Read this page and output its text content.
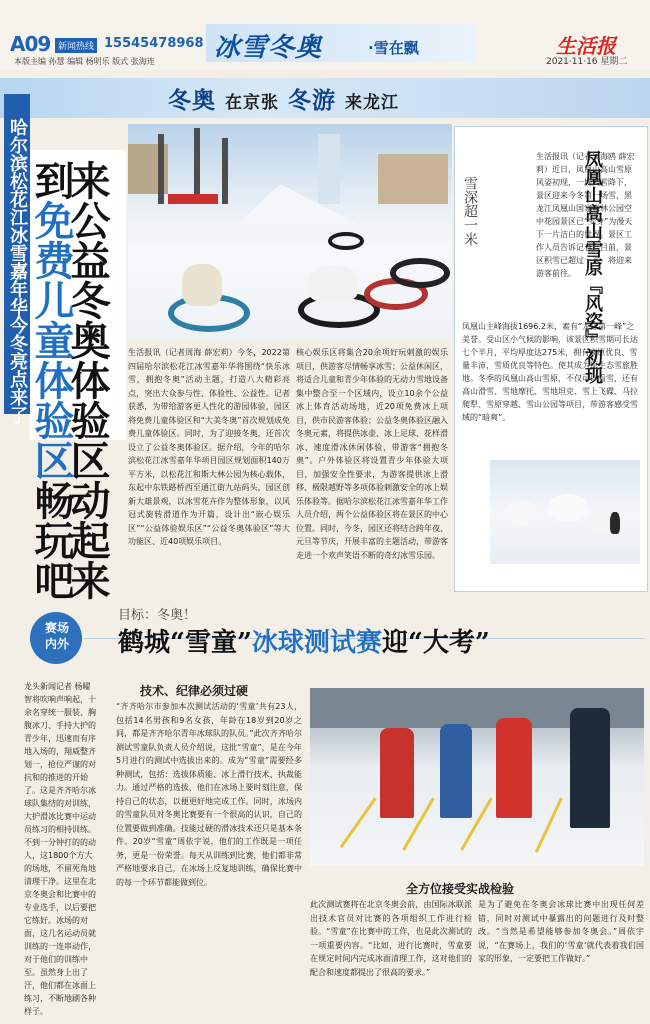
A09 新闻热线 15545478968
本版主编 孙慧 编辑 杨明乐 版式 张海连 冰雪冬奥	·雪在飘	生活报
2021·11·16 星期二
冬奥 在京张 冬游 来龙江
哈尔滨松花江冰雪嘉年华今冬亮点来了 来公益冬奥体验区动起来
到免费儿童体验区畅玩吧
凤凰山高山雪原『风姿』初现
雪深超一米
生活报讯（记者吴海鸥 薛宏莉）近日，凤凰山高山雪原风姿初现，一场大雪降下，景区迎来今冬第一场雪，黑龙江凤凰山国家森林公园空中花园景区已“变身”为漫天下一片洁白的世界。景区工作人员告诉记者，目前，景区积雪已超过一米，将迎来游客前往。
凤凰山主峰海拔1696.2米，素有“龙江第一峰”之美誉。受山区小气候的影响，该景区积雪期可长达七个半月，平均厚度达275米，拥有高原优良、雪量丰沛，雪质优良等特色。使其成为原生态雪旅胜地。冬季的凤凰山高山雪原，不仅可以看雪，还有高山滑雪、雪地摩托、雪地坦克、雪上飞碟、马拉爬犁、雪原穿越、雪山公园等项目，带游客感受雪域的“暗爽”。
生活报讯（记者周海 薛宏莉）今冬，2022第四届哈尔滨松花江冰雪嘉年华将围绕“快乐冰雪，拥抱冬奥”活动主题，打造八大精彩亮点，突出大众参与性、体验性、公益性。记者获悉，为带给游客更人性化的游园体验，园区将免费儿童体验区和“大美冬奥”首次规划成免费儿童体验区。同时，为了迎接冬奥，还首次设立了公益冬奥体验区。据介绍，今年的哈尔滨松花江冰雪嘉年华项目园区规划面积140万平方米，以松花江和斯大林公园为核心载体，东起中东铁路桥西至通江街九站码头，园区创新大雄景观，以冰雪花卉作为整体形象，以风冠式旋转滑道作为开篇，设计出“嵌心娱乐区”“公益体验娱乐区”“公益冬奥体验区”等大功能区、近40项娱乐项目。
核心娱乐区将集合20余项好玩刺激的娱乐项目，供游客尽情畅享冰雪；公益休闲区，将适合儿童和青少年体验的无动力雪地设备集中整合至一个区域内，设立10余个公益冰上体育活动场地，近20项免费冰上项目，供市民游客体验；公益冬奥体验区融入冬奥元素，将提供冰壶、冰上足球、花样滑冰、速度滑冰休闲体验，带游客“拥抱冬奥”。户外体验区将设置青少年体验大项目，加强安全性要求，为游客提供冰上滑移、极限越野等多项体验刺激安全的冰上娱乐体验等。据哈尔滨松花江冰雪嘉年华工作人员介绍，两个公益体验区将在景区的中心位置。同时，今冬，园区还将结合跨年夜、元旦等节庆，开展丰富的主题活动，带游客走进一个欢声笑语不断的奇幻冰雪乐园。
赛场内外
目标：冬奥！
鹤城“雪童”冰球测试赛迎“大考”
龙头新闻记者 杨曜 智将吹响声响起，十余名穿统一服装、胸腹冰刀、手持大护的青少年，迅速而有序地入场的，翔威整齐划一，抢位严谨的对抗和的推进的开始了。这是齐齐哈尔冰球队集结的对训练，大护滑冰比赛中运动员练习的相持训练。不到一分钟打的的动人，这1800个方大的场地，不留死角地清理干净。这里在北京冬奥会和比赛中的专业选手，以后要把它练好。冰场的对面，这几名运动员就训练的一连串动作，对于他们的训练中至。虽然身上出了汗，他们都在冰面上练习，不断地刷各种样子。
技术、纪律必须过硬
“齐齐哈尔市参加本次测试活动的‘雪童’共有23人，包括14名男孩和9名女孩，年龄在18岁到20岁之间，都是齐齐哈尔青年冰球队的队员。”此次齐齐哈尔测试雪童队负责人员介绍说，这批“雪童”，是在今年5月进行的测试中选拔出来的。成为“雪童”需要经多种测试，包括：选拔体质能、冰上滑行技术、执裁能力。通过严格的选拔，他们在冰场上要时刻注意，保持自己的状态，以便更好地完成工作。同时，冰场内的雪童队员对冬奥比赛要有一个很高的认识，自己的位置要做到准确。技能过硬的滑冰技术还只是基本条件。20岁“雪童”周依宇说，他们的工作既是一项任务，更是一份荣誉。每天从训练到比赛，他们都非常严格地要求自己，在冰场上反复地训练，确保比赛中的每一个环节都能做到位。	全方位接受实战检验
此次测试赛将在北京冬奥会前，由国际冰联派出技术官员对比赛的各项组织工作进行检验。“雪童”在比赛中的工作，也是此次测试的一项重要内容。“比如，进行比赛时，雪童要在规定时间内完成冰面清理工作，这对他们的配合和速度都提出了很高的要求。”
是为了避免在冬奥会冰球比赛中出现任何差错，同时对测试中暴露出的问题进行及时整改。“当然是希望能够参加冬奥会。”周依宇说，“在赛场上，我们的‘雪童’就代表着我们国家的形象，一定要把工作做好。”
